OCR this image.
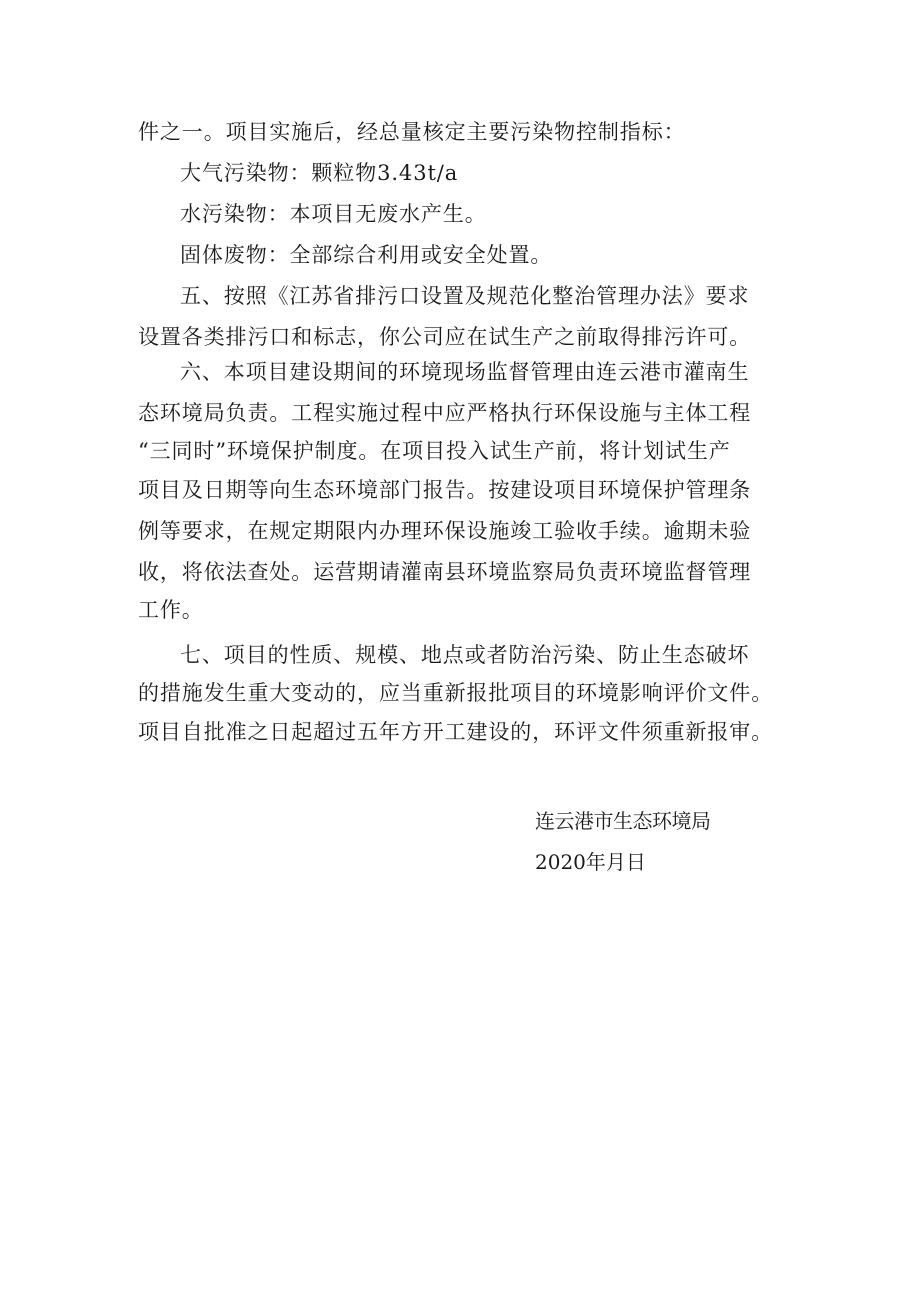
件之一。项目实施后，经总量核定主要污染物控制指标：
大气污染物：颗粒物3.43t∕a
水污染物：本项目无废水产生。
固体废物：全部综合利用或安全处置。
五、按照《江苏省排污口设置及规范化整治管理办法》要求
设置各类排污口和标志，你公司应在试生产之前取得排污许可。
六、本项目建设期间的环境现场监督管理由连云港市灌南生
态环境局负责。工程实施过程中应严格执行环保设施与主体工程
“三同时”环境保护制度。在项目投入试生产前，将计划试生产
项目及日期等向生态环境部门报告。按建设项目环境保护管理条
例等要求，在规定期限内办理环保设施竣工验收手续。逾期未验
收，将依法查处。运营期请灌南县环境监察局负责环境监督管理
工作。
七、项目的性质、规模、地点或者防治污染、防止生态破坏
的措施发生重大变动的，应当重新报批项目的环境影响评价文件。
项目自批准之日起超过五年方开工建设的，环评文件须重新报审。
连云港市生态环境局
2020年月日
